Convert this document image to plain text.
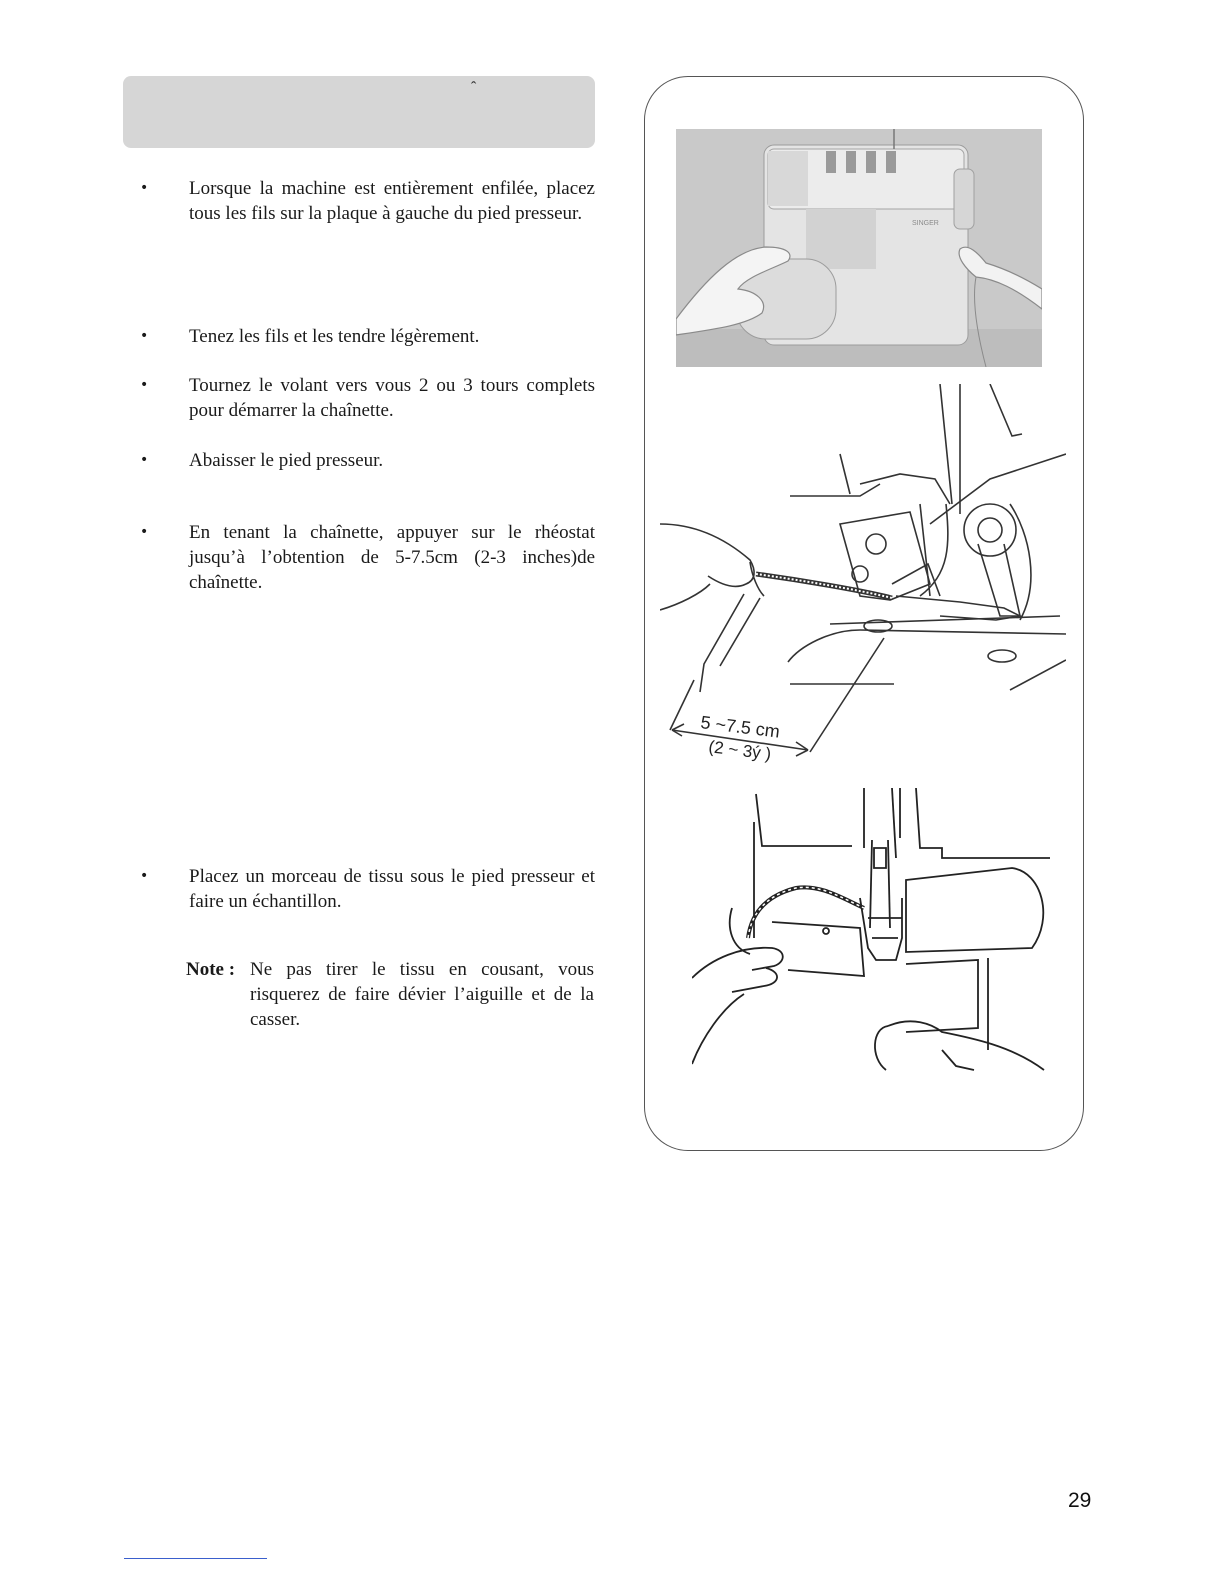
ˆ
•	Lorsque la machine est entièrement enfilée, placez tous les fils sur la plaque à gauche du pied presseur.
•	Tenez les fils et les tendre légèrement.
•	Tournez le volant vers vous 2 ou 3 tours complets pour démarrer la chaînette.
•	Abaisser le pied presseur.
•	En tenant la chaînette, appuyer sur le rhéostat jusqu’à l’obtention de 5-7.5cm (2-3 inches)de chaînette.
•	Placez un morceau de tissu sous le pied presseur et faire un échantillon.
Note : Ne pas tirer le tissu en cousant, vous risquerez de faire dévier l’aiguille et de la casser.
SINGER
5 ~7.5 cm
(2 ~ 3ý )
29
